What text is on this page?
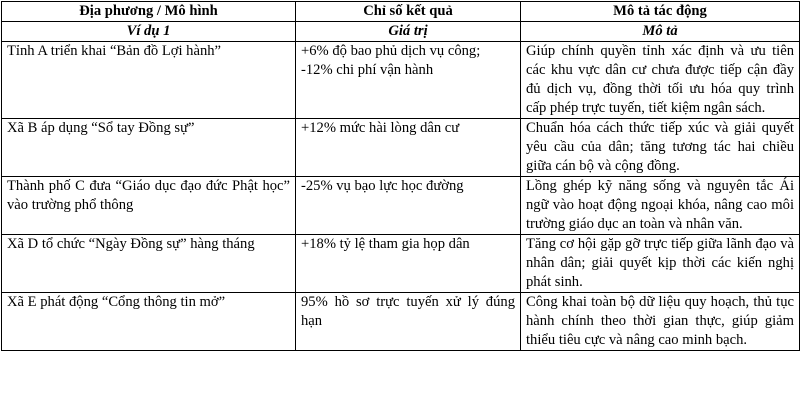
Địa phương / Mô hình	Chỉ số kết quả	Mô tả tác động
Ví dụ 1	Giá trị	Mô tả
Tỉnh A triển khai “Bản đồ Lợi hành”	+6% độ bao phủ dịch vụ công; -12% chi phí vận hành	Giúp chính quyền tỉnh xác định và ưu tiên các khu vực dân cư chưa được tiếp cận đầy đủ dịch vụ, đồng thời tối ưu hóa quy trình cấp phép trực tuyến, tiết kiệm ngân sách.
Xã B áp dụng “Sổ tay Đồng sự”	+12% mức hài lòng dân cư	Chuẩn hóa cách thức tiếp xúc và giải quyết yêu cầu của dân; tăng tương tác hai chiều giữa cán bộ và cộng đồng.
Thành phố C đưa “Giáo dục đạo đức Phật học” vào trường phổ thông	-25% vụ bạo lực học đường	Lồng ghép kỹ năng sống và nguyên tắc Ái ngữ vào hoạt động ngoại khóa, nâng cao môi trường giáo dục an toàn và nhân văn.
Xã D tổ chức “Ngày Đồng sự” hàng tháng	+18% tỷ lệ tham gia họp dân	Tăng cơ hội gặp gỡ trực tiếp giữa lãnh đạo và nhân dân; giải quyết kịp thời các kiến nghị phát sinh.
Xã E phát động “Cổng thông tin mở”	95% hồ sơ trực tuyến xử lý đúng hạn	Công khai toàn bộ dữ liệu quy hoạch, thủ tục hành chính theo thời gian thực, giúp giảm thiểu tiêu cực và nâng cao minh bạch.
